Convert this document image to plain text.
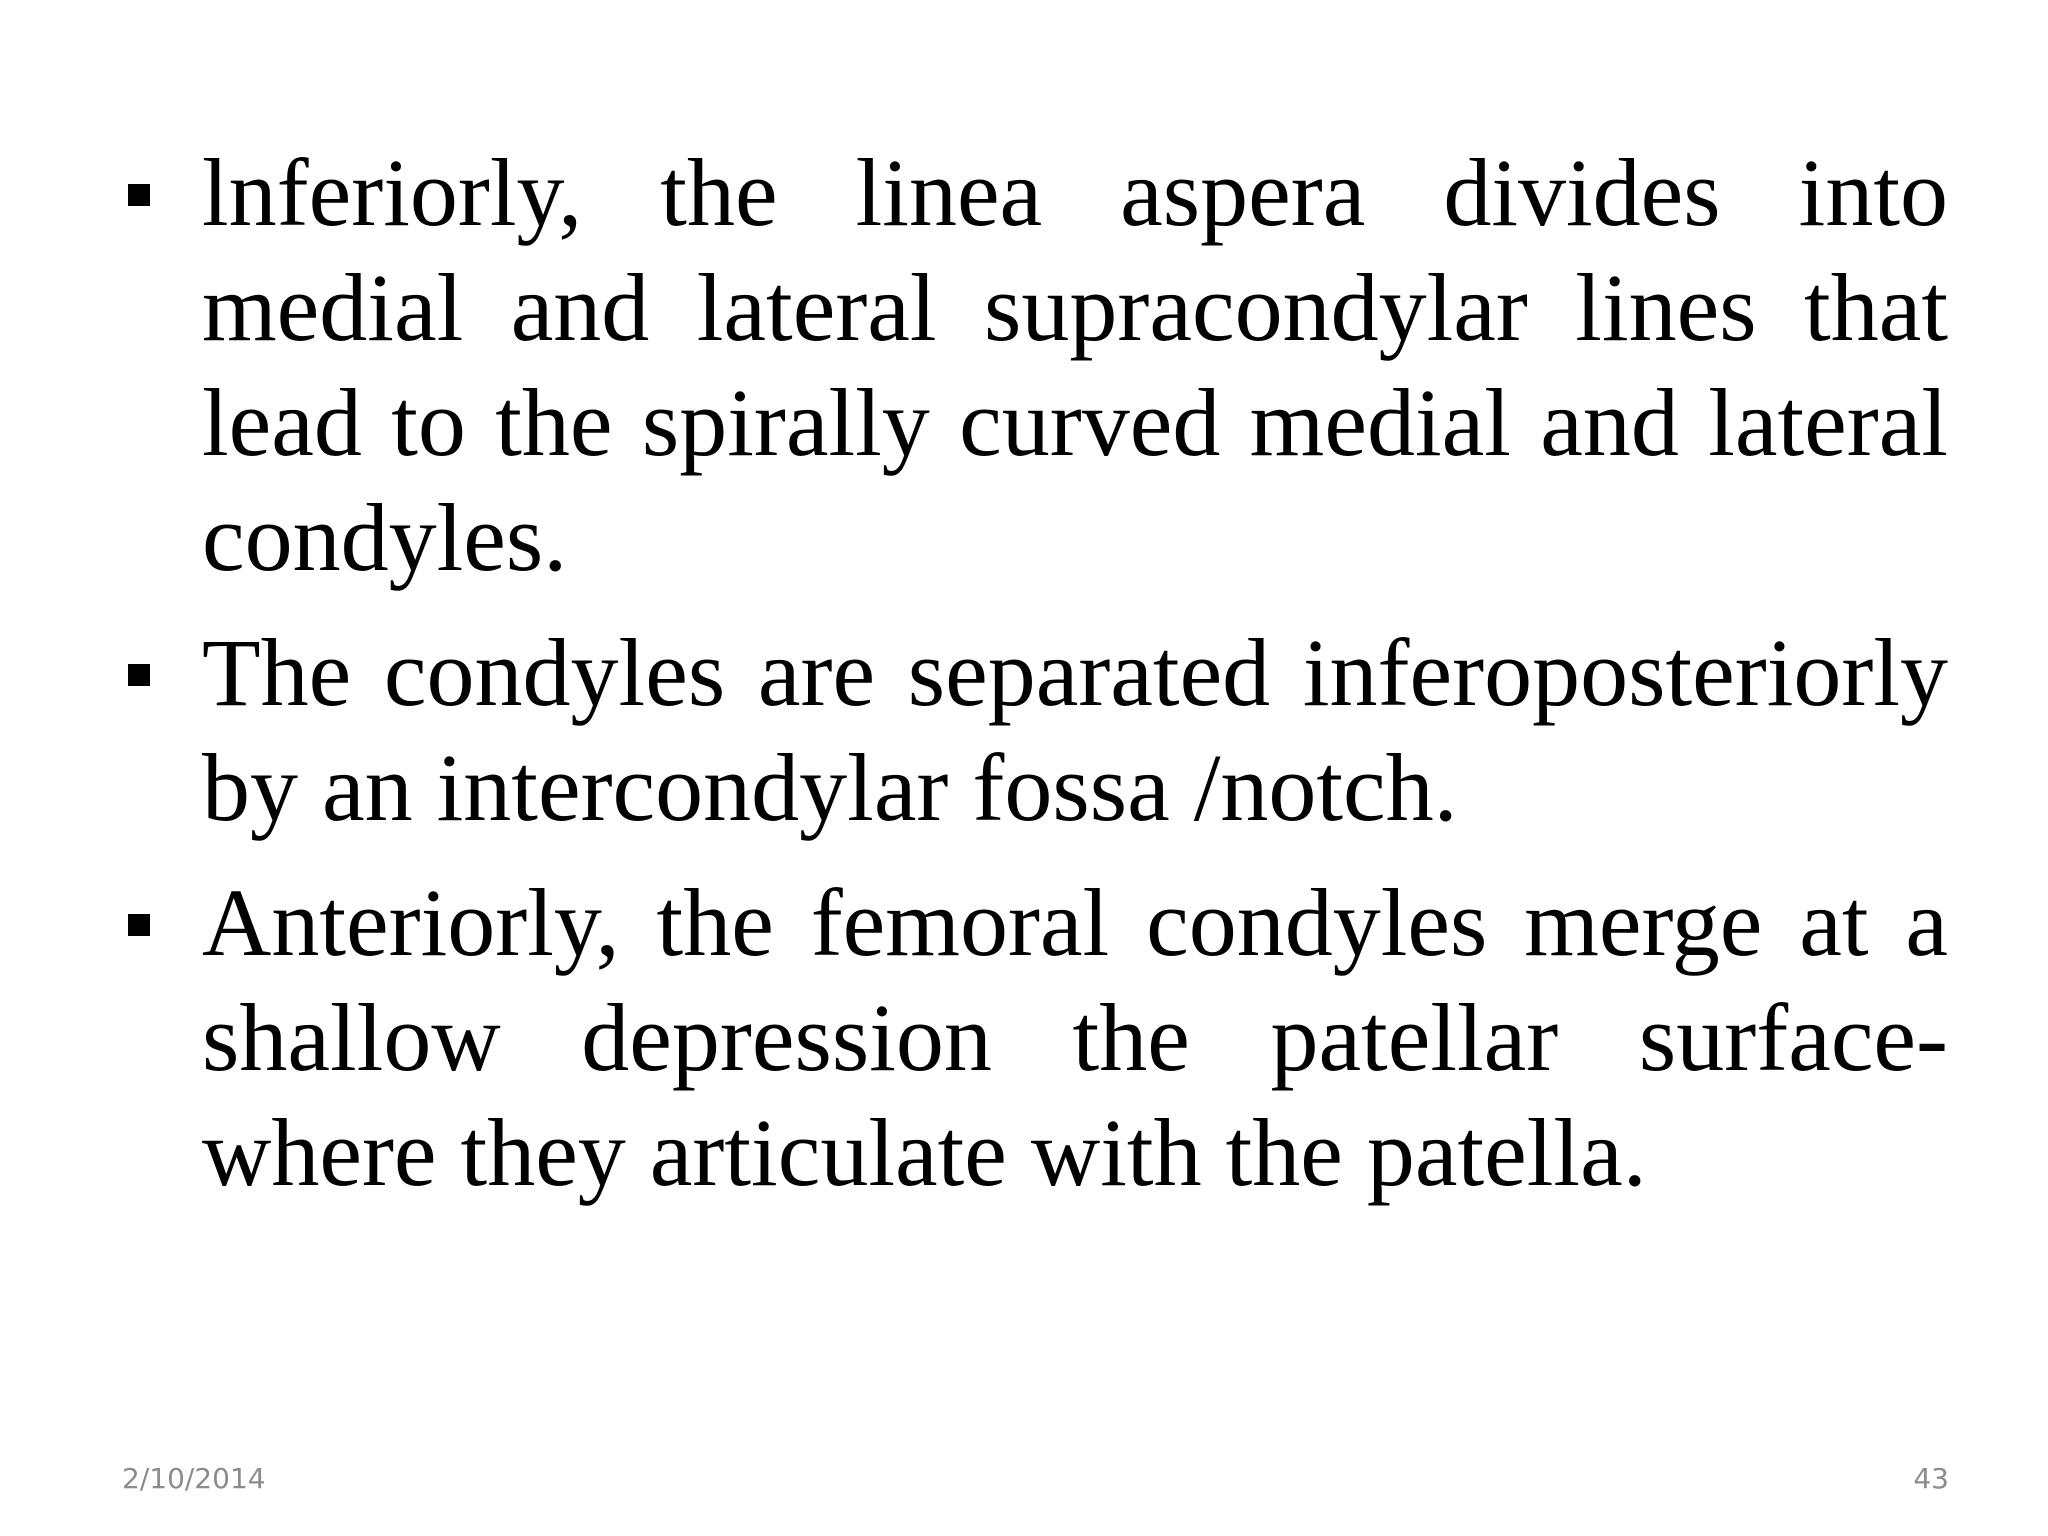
lnferiorly, the linea aspera divides into medial and lateral supracondylar lines that lead to the spirally curved medial and lateral condyles.

The condyles are separated inferoposteriorly by an intercondylar fossa /notch.

Anteriorly, the femoral condyles merge at a shallow depression the patellar surface- where they articulate with the patella.

2/10/2014	43
